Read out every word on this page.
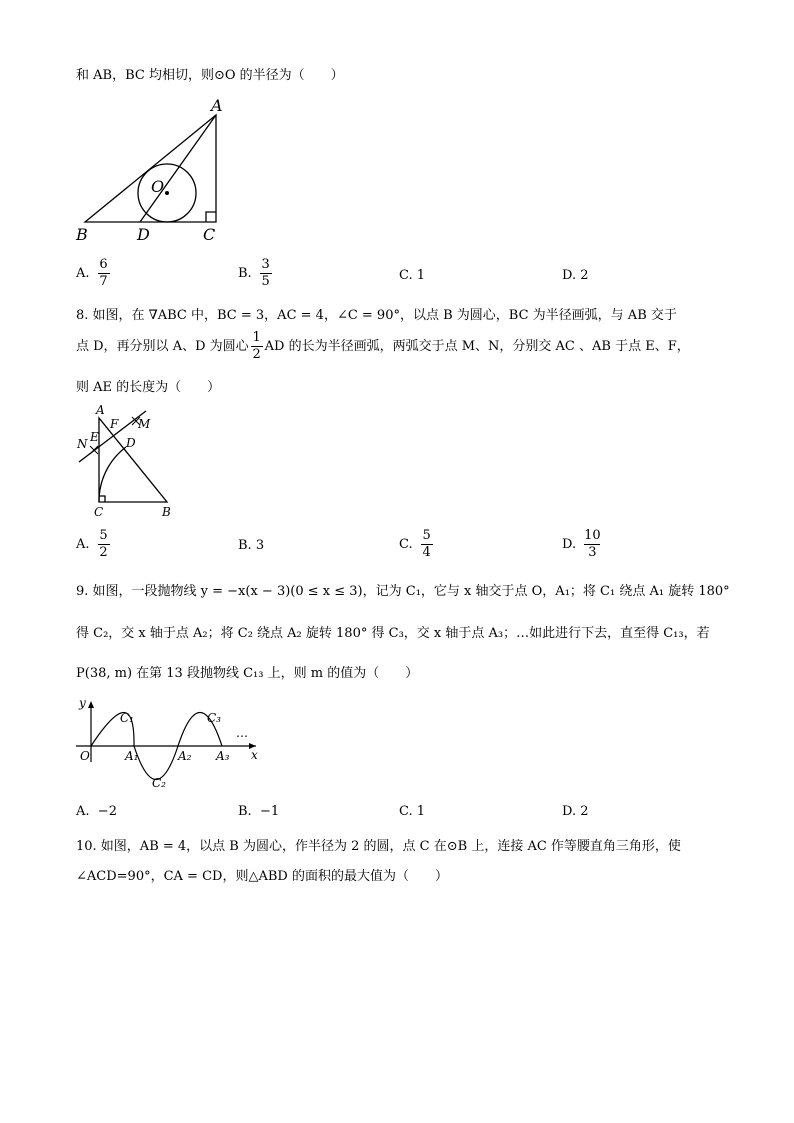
和 AB，BC 均相切，则⊙O 的半径为（　　）
A
B	C
D
O
A
B
C
D
E
F M
N
y
x
O
C₁
C₂
C₃
A₁	A₂ A₃
…
A. $\frac{6}{7}$	B. $\frac{3}{5}$	C. 1	D. 2
8. 如图，在 ∇ABC 中，BC = 3，AC = 4，∠C = 90°，以点 B 为圆心，BC 为半径画弧，与 AB 交于
点 D，再分别以 A、D 为圆心 $\frac{1}{2}$ AD 的长为半径画弧，两弧交于点 M、N，分别交 AC 、AB 于点 E、F，
则 AE 的长度为（　　）
A. $\frac{5}{2}$	B. 3	C. $\frac{5}{4}$	D. $\frac{10}{3}$
9. 如图，一段抛物线 y = −x(x − 3)(0 ≤ x ≤ 3)，记为 C₁，它与 x 轴交于点 O，A₁；将 C₁ 绕点 A₁ 旋转 180°
得 C₂，交 x 轴于点 A₂；将 C₂ 绕点 A₂ 旋转 180° 得 C₃，交 x 轴于点 A₃；…如此进行下去，直至得 C₁₃，若
P(38, m) 在第 13 段抛物线 C₁₃ 上，则 m 的值为（　　）
A. −2	B. −1	C. 1	D. 2
10. 如图，AB = 4，以点 B 为圆心，作半径为 2 的圆，点 C 在⊙B 上，连接 AC 作等腰直角三角形，使
∠ACD=90°，CA = CD，则△ABD 的面积的最大值为（　　）
